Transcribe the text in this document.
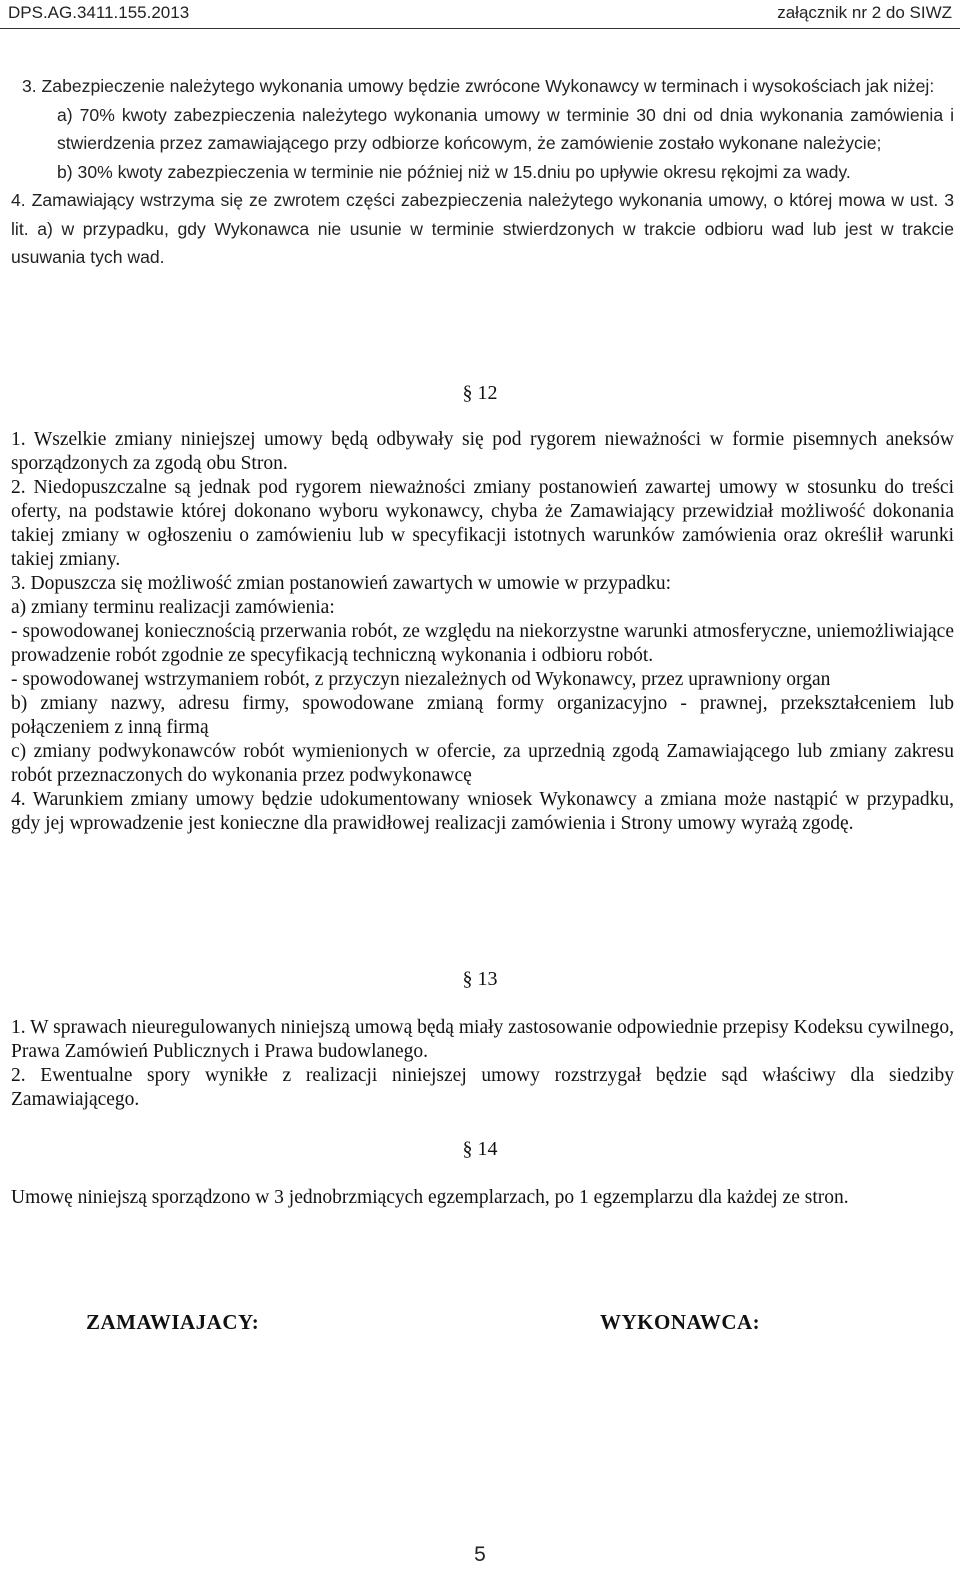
DPS.AG.3411.155.2013	załącznik nr 2 do SIWZ

3. Zabezpieczenie należytego wykonania umowy będzie zwrócone Wykonawcy w terminach i wysokościach jak niżej:

a) 70% kwoty zabezpieczenia należytego wykonania umowy w terminie 30 dni od dnia wykonania zamówienia i stwierdzenia przez zamawiającego przy odbiorze końcowym, że zamówienie zostało wykonane należycie;

b) 30% kwoty zabezpieczenia w terminie nie później niż w 15.dniu po upływie okresu rękojmi za wady.

4. Zamawiający wstrzyma się ze zwrotem części zabezpieczenia należytego wykonania umowy, o której mowa w ust. 3 lit. a) w przypadku, gdy Wykonawca nie usunie w terminie stwierdzonych w trakcie odbioru wad lub jest w trakcie usuwania tych wad.

§ 12

1. Wszelkie zmiany niniejszej umowy będą odbywały się pod rygorem nieważności w formie pisemnych aneksów sporządzonych za zgodą obu Stron.

2. Niedopuszczalne są jednak pod rygorem nieważności zmiany postanowień zawartej umowy w stosunku do treści oferty, na podstawie której dokonano wyboru wykonawcy, chyba że Zamawiający przewidział możliwość dokonania takiej zmiany w ogłoszeniu o zamówieniu lub w specyfikacji istotnych warunków zamówienia oraz określił warunki takiej zmiany.

3. Dopuszcza się możliwość zmian postanowień zawartych w umowie w przypadku:

a) zmiany terminu realizacji zamówienia:

- spowodowanej koniecznością przerwania robót, ze względu na niekorzystne warunki atmosferyczne, uniemożliwiające prowadzenie robót zgodnie ze specyfikacją techniczną wykonania i odbioru robót.

- spowodowanej wstrzymaniem robót, z przyczyn niezależnych od Wykonawcy, przez uprawniony organ

b) zmiany nazwy, adresu firmy, spowodowane zmianą formy organizacyjno - prawnej, przekształceniem lub połączeniem z inną firmą

c) zmiany podwykonawców robót wymienionych w ofercie, za uprzednią zgodą Zamawiającego lub zmiany zakresu robót przeznaczonych do wykonania przez podwykonawcę

4. Warunkiem zmiany umowy będzie udokumentowany wniosek Wykonawcy a zmiana może nastąpić w przypadku, gdy jej wprowadzenie jest konieczne dla prawidłowej realizacji zamówienia i Strony umowy wyrażą zgodę.

§ 13

1. W sprawach nieuregulowanych niniejszą umową będą miały zastosowanie odpowiednie przepisy Kodeksu cywilnego, Prawa Zamówień Publicznych i Prawa budowlanego.

2. Ewentualne spory wynikłe z realizacji niniejszej umowy rozstrzygał będzie sąd właściwy dla siedziby Zamawiającego.

§ 14

Umowę niniejszą sporządzono w 3 jednobrzmiących egzemplarzach, po 1 egzemplarzu dla każdej ze stron.

ZAMAWIAJACY:	WYKONAWCA:
5
